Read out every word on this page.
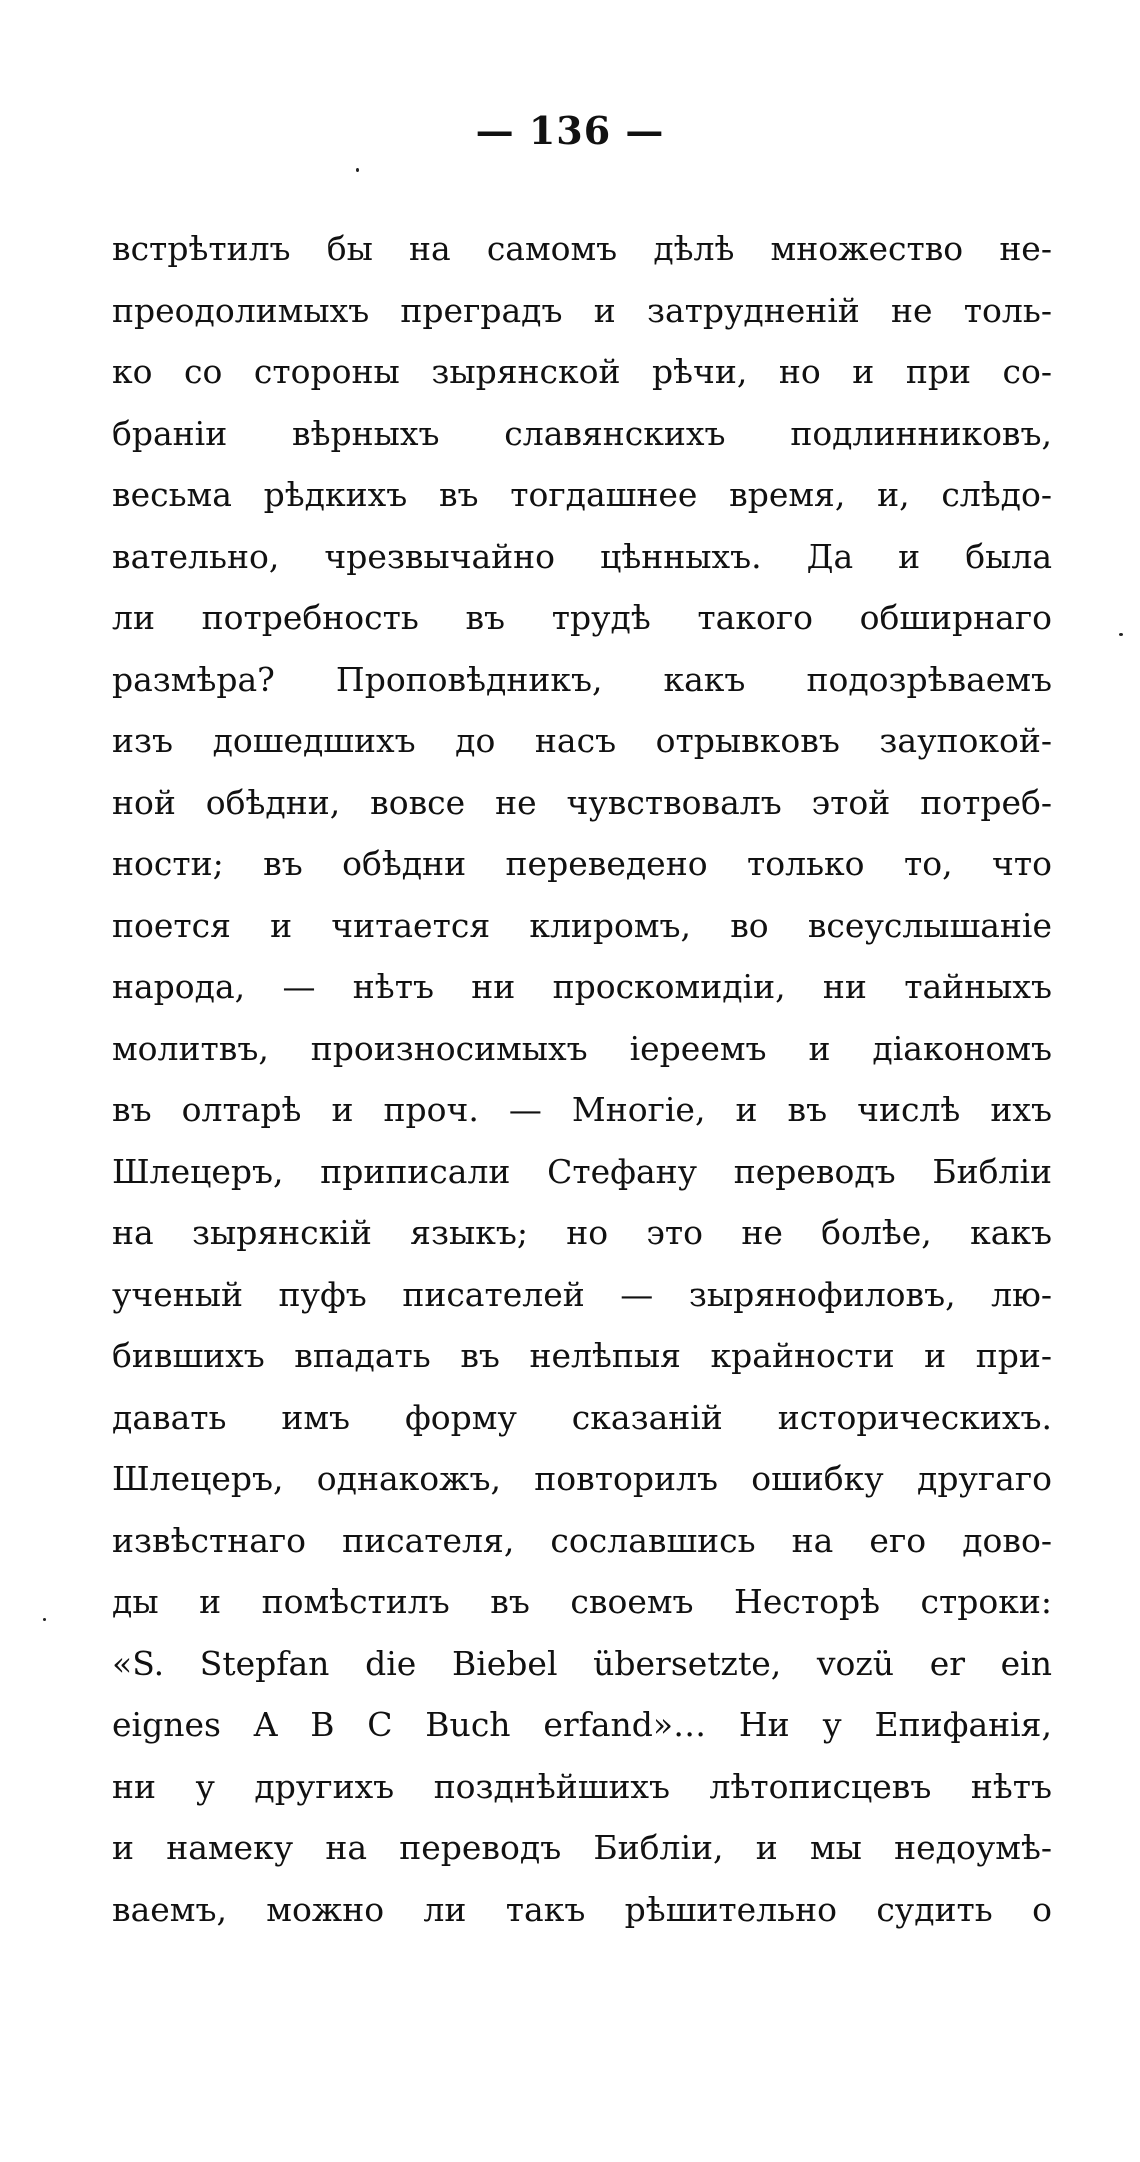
— 136 —
встрѣтилъ бы на самомъ дѣлѣ множество не-
преодолимыхъ преградъ и затрудненій не толь-
ко со стороны зырянской рѣчи, но и при со-
браніи вѣрныхъ славянскихъ подлинниковъ,
весьма рѣдкихъ въ тогдашнее время, и, слѣдо-
вательно, чрезвычайно цѣнныхъ. Да и была
ли потребность въ трудѣ такого обширнаго
размѣра? Проповѣдникъ, какъ подозрѣваемъ
изъ дошедшихъ до насъ отрывковъ заупокой-
ной обѣдни, вовсе не чувствовалъ этой потреб-
ности; въ обѣдни переведено только то, что
поется и читается клиромъ, во всеуслышаніе
народа, — нѣтъ ни проскомидіи, ни тайныхъ
молитвъ, произносимыхъ іереемъ и діакономъ
въ олтарѣ и проч. — Многіе, и въ числѣ ихъ
Шлецеръ, приписали Стефану переводъ Библіи
на зырянскій языкъ; но это не болѣе, какъ
ученый пуфъ писателей — зырянофиловъ, лю-
бившихъ впадать въ нелѣпыя крайности и при-
давать имъ форму сказаній историческихъ.
Шлецеръ, однакожъ, повторилъ ошибку другаго
извѣстнаго писателя, сославшись на его дово-
ды и помѣстилъ въ своемъ Несторѣ строки:
«S. Stepfan die Biebel übersetzte, vozü er ein
eignes A B C Buch erfand»… Ни у Епифанія,
ни у другихъ позднѣйшихъ лѣтописцевъ нѣтъ
и намеку на переводъ Библіи, и мы недоумѣ-
ваемъ, можно ли такъ рѣшительно судить о
